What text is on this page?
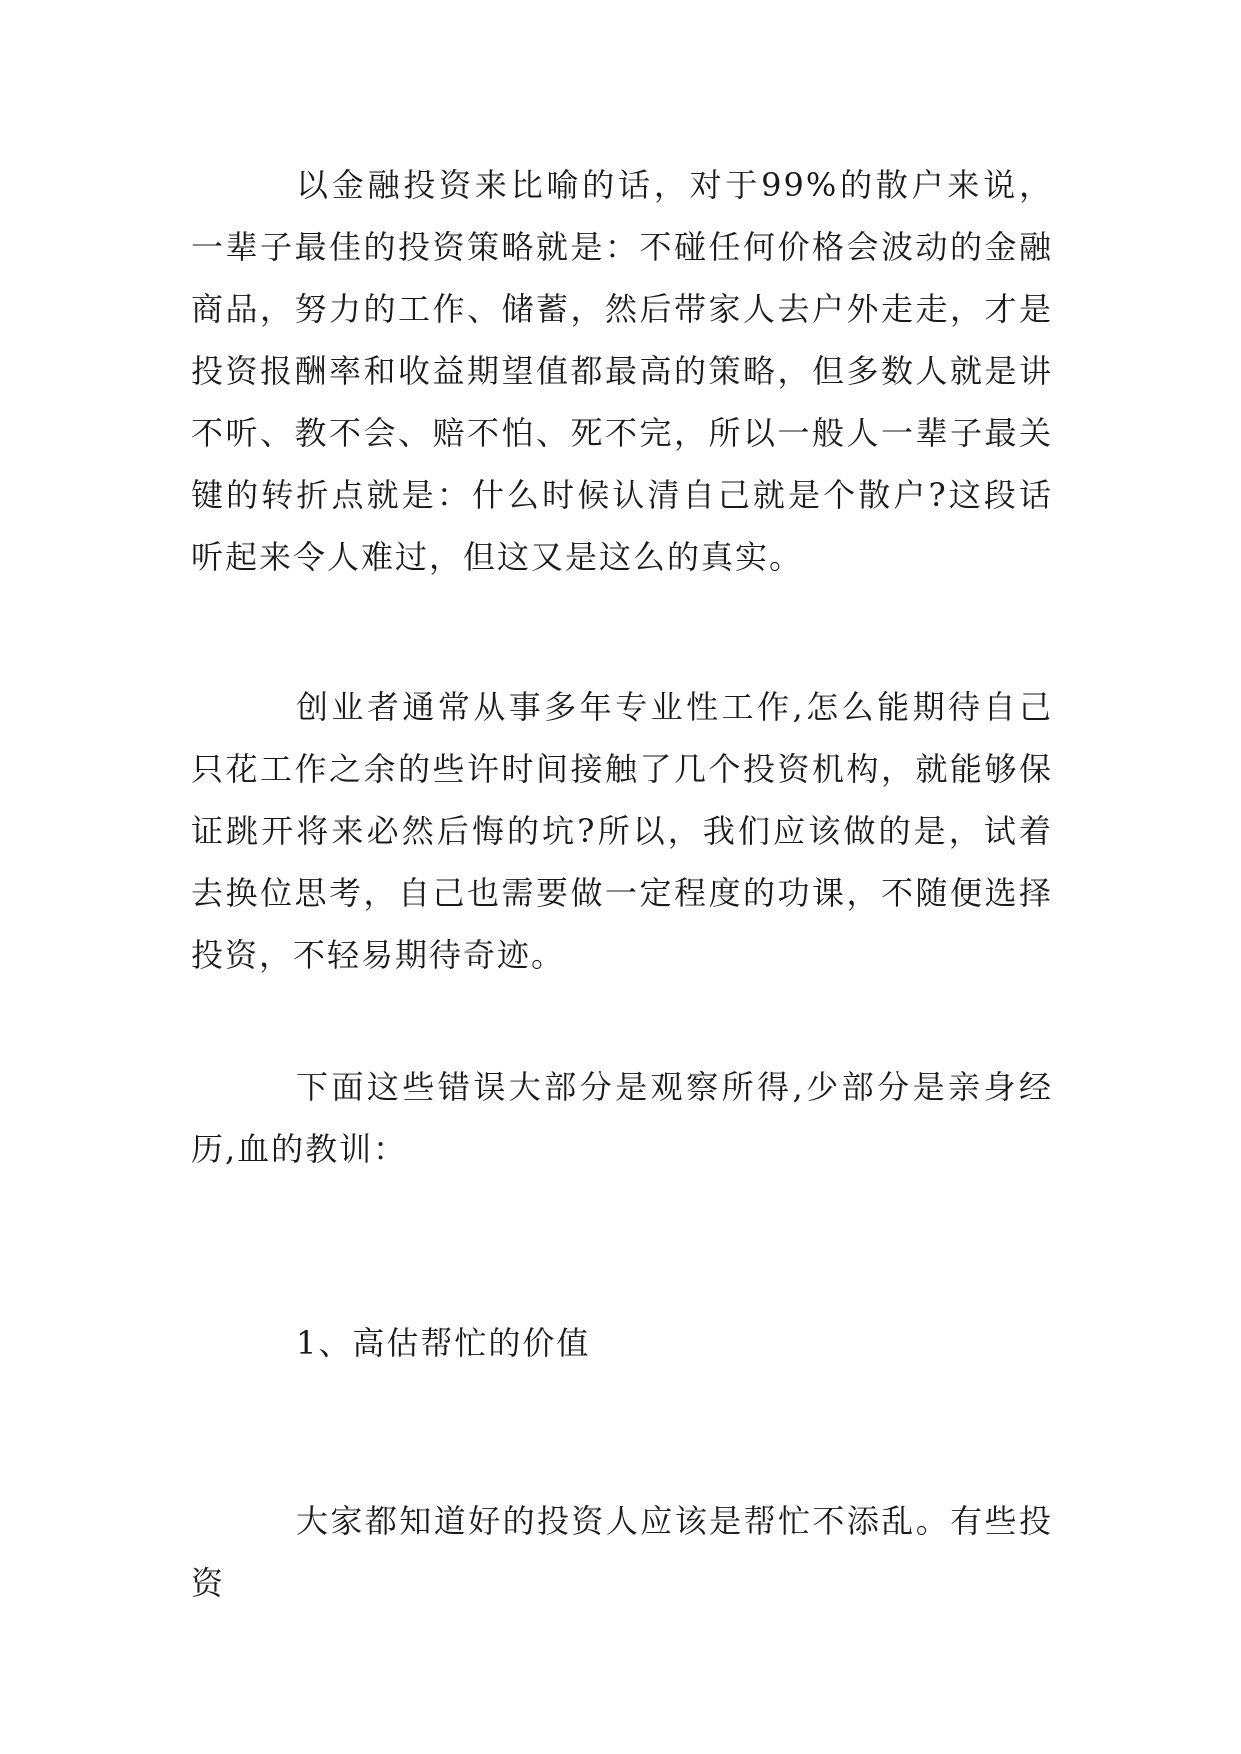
以金融投资来比喻的话，对于99%的散户来说，一辈子最佳的投资策略就是：不碰任何价格会波动的金融商品，努力的工作、储蓄，然后带家人去户外走走，才是投资报酬率和收益期望值都最高的策略，但多数人就是讲不听、教不会、赔不怕、死不完，所以一般人一辈子最关键的转折点就是：什么时候认清自己就是个散户?这段话听起来令人难过，但这又是这么的真实。

创业者通常从事多年专业性工作,怎么能期待自己只花工作之余的些许时间接触了几个投资机构，就能够保证跳开将来必然后悔的坑?所以，我们应该做的是，试着去换位思考，自己也需要做一定程度的功课，不随便选择投资，不轻易期待奇迹。

下面这些错误大部分是观察所得,少部分是亲身经历,血的教训：

1、高估帮忙的价值

大家都知道好的投资人应该是帮忙不添乱。有些投资
